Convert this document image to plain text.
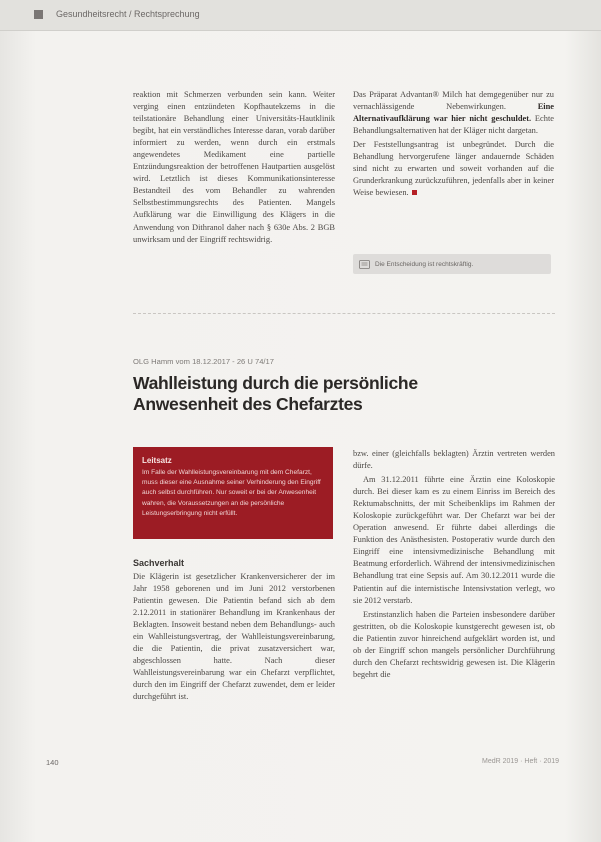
Gesundheitsrecht / Rechtsprechung

reaktion mit Schmerzen verbunden sein kann. Weiter verging einen entzündeten Kopfhautekzems in die teilstationäre Behandlung einer Universitäts-Hautklinik begibt, hat ein verständliches Interesse daran, vorab darüber informiert zu werden, wenn durch ein erstmals angewendetes Medikament eine partielle Entzündungsreaktion der betroffenen Hautpartien ausgelöst wird. Letztlich ist dieses Kommunikationsinteresse Bestandteil des vom Behandler zu wahrenden Selbstbestimmungsrechts des Patienten. Mangels Aufklärung war die Einwilligung des Klägers in die Anwendung von Dithranol daher nach § 630e Abs. 2 BGB unwirksam und der Eingriff rechtswidrig.

Das Präparat Advantan® Milch hat demgegenüber nur zu vernachlässigende Nebenwirkungen. Eine Alternativaufklärung war hier nicht geschuldet. Echte Behandlungsalternativen hat der Kläger nicht dargetan.

Der Feststellungsantrag ist unbegründet. Durch die Behandlung hervorgerufene länger andauernde Schäden sind nicht zu erwarten und soweit vorhanden auf die Grunderkrankung zurückzuführen, jedenfalls aber in keiner Weise bewiesen.

Die Entscheidung ist rechtskräftig.
OLG Hamm vom 18.12.2017 - 26 U 74/17
Wahlleistung durch die persönliche Anwesenheit des Chefarztes
Leitsatz
Im Falle der Wahlleistungsvereinbarung mit dem Chefarzt, muss dieser eine Ausnahme seiner Verhinderung den Eingriff auch selbst durchführen. Nur soweit er bei der Anwesenheit wahren, die Voraussetzungen an die persönliche Leistungserbringung nicht erfüllt.
Sachverhalt

Die Klägerin ist gesetzlicher Krankenversicherer der im Jahr 1958 geborenen und im Juni 2012 verstorbenen Patientin gewesen. Die Patientin befand sich ab dem 2.12.2011 in stationärer Behandlung im Krankenhaus der Beklagten. Insoweit bestand neben dem Behandlungs- auch ein Wahlleistungsvertrag, der Wahlleistungsvereinbarung, die die Patientin, die privat zusatzversichert war, abgeschlossen hatte. Nach dieser Wahlleistungsvereinbarung war ein Chefarzt verpflichtet, durch den im Eingriff der Chefarzt zuwendet, dem er leider durchgeführt ist.

bzw. einer (gleichfalls beklagten) Ärztin vertreten werden dürfe.

Am 31.12.2011 führte eine Ärztin eine Koloskopie durch. Bei dieser kam es zu einem Einriss im Bereich des Rektumabschnitts, der mit Scheibenklips im Rahmen der Koloskopie zurückgeführt war. Der Chefarzt war bei der Operation anwesend. Er führte dabei allerdings die Funktion des Anästhesisten. Postoperativ wurde durch den Eingriff eine intensivmedizinische Behandlung mit Beatmung erforderlich. Während der intensivmedizinischen Behandlung trat eine Sepsis auf. Am 30.12.2011 wurde die Patientin auf die internistische Intensivstation verlegt, wo sie 2012 verstarb.

Erstinstanzlich haben die Parteien insbesondere darüber gestritten, ob die Koloskopie kunstgerecht gewesen ist, ob die Patientin zuvor hinreichend aufgeklärt worden ist, und ob der Eingriff schon mangels persönlicher Durchführung durch den Chefarzt rechtswidrig gewesen ist. Die Klägerin begehrt die

140	MedR 2019 · Heft · 2019
